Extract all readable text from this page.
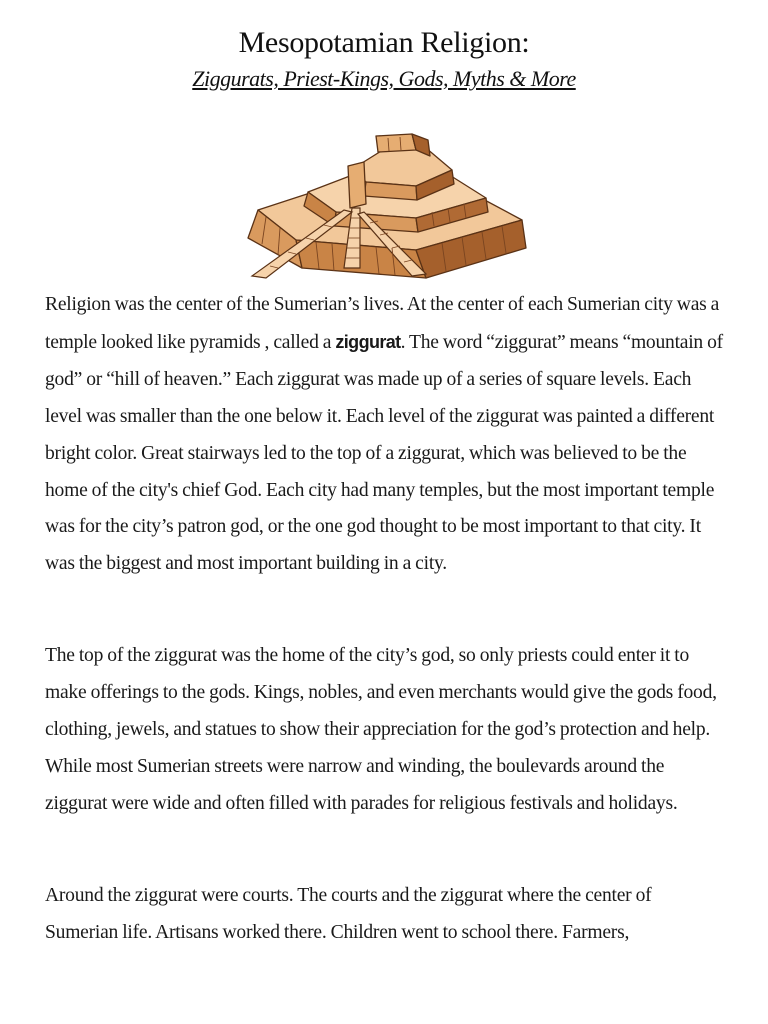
Mesopotamian Religion:
Ziggurats, Priest-Kings, Gods, Myths & More

Religion was the center of the Sumerian’s lives. At the center of each Sumerian city was a temple looked like pyramids , called a ziggurat. The word “ziggurat” means “mountain of god” or “hill of heaven.” Each ziggurat was made up of a series of square levels. Each level was smaller than the one below it. Each level of the ziggurat was painted a different bright color. Great stairways led to the top of a ziggurat, which was believed to be the home of the city's chief God. Each city had many temples, but the most important temple was for the city’s patron god, or the one god thought to be most important to that city. It was the biggest and most important building in a city.

The top of the ziggurat was the home of the city’s god, so only priests could enter it to make offerings to the gods. Kings, nobles, and even merchants would give the gods food, clothing, jewels, and statues to show their appreciation for the god’s protection and help. While most Sumerian streets were narrow and winding, the boulevards around the ziggurat were wide and often filled with parades for religious festivals and holidays.

Around the ziggurat were courts. The courts and the ziggurat where the center of Sumerian life. Artisans worked there. Children went to school there. Farmers,
